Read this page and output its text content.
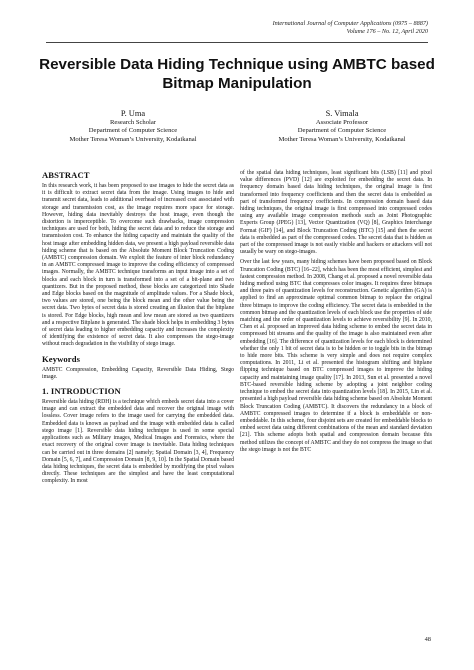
International Journal of Computer Applications (0975 – 8887)
Volume 176 – No. 12, April 2020
Reversible Data Hiding Technique using AMBTC based
Bitmap Manipulation
P. Uma
Research Scholar
Department of Computer Science
Mother Teresa Woman’s University, Kodaikanal
S. Vimala
Associate Professor
Department of Computer Science
Mother Teresa Woman’s University, Kodaikanal
ABSTRACT

In this research work, it has been proposed to use images to hide the secret data as it is difficult to extract secret data from the image. Using images to hide and transmit secret data, leads to additional overhead of increased cost associated with storage and transmission cost, as the image requires more space for storage. However, hiding data inevitably destroys the host image, even though the distortion is imperceptible. To overcome such drawbacks, image compression techniques are used for both, hiding the secret data and to reduce the storage and transmission cost. To enhance the hiding capacity and maintain the quality of the host image after embedding hidden data, we present a high payload reversible data hiding scheme that is based on the Absolute Moment Block Truncation Coding (AMBTC) compression domain. We exploit the feature of inter block redundancy in an AMBTC compressed image to improve the coding efficiency of compressed images. Normally, the AMBTC technique transforms an input image into a set of blocks and each block in turn is transformed into a set of a bit-plane and two quantizers. But in the proposed method, these blocks are categorized into Shade and Edge blocks based on the magnitude of amplitude values. For a Shade block, two values are stored, one being the block mean and the other value being the secret data. Two bytes of secret data is stored creating an illusion that the bitplane is stored. For Edge blocks, high mean and low mean are stored as two quantizers and a respective Bitplane is generated. The shade block helps in embedding 3 bytes of secret data leading to higher embedding capacity and increases the complexity of identifying the existence of secret data. It also compresses the stego-image without much degradation in the visibility of stego image.

Keywords

AMBTC Compression, Embedding Capacity, Reversible Data Hiding, Stego image.

1. INTRODUCTION

Reversible data hiding (RDH) is a technique which embeds secret data into a cover image and can extract the embedded data and recover the original image with lossless. Cover image refers to the image used for carrying the embedded data. Embedded data is known as payload and the image with embedded data is called stego image [1]. Reversible data hiding technique is used in some special applications such as Military images, Medical Images and Forensics, where the exact recovery of the original cover image is inevitable. Data hiding techniques can be carried out in three domains [2] namely; Spatial Domain [3, 4], Frequency Domain [5, 6, 7], and Compression Domain [8, 9, 10]. In the Spatial Domain based data hiding techniques, the secret data is embedded by modifying the pixel values directly. These techniques are the simplest and have the least computational complexity. In most

of the spatial data hiding techniques, least significant bits (LSB) [11] and pixel value differences (PVD) [12] are exploited for embedding the secret data. In frequency domain based data hiding techniques, the original image is first transformed into frequency coefficients and then the secret data is embedded as part of transformed frequency coefficients. In compression domain based data hiding techniques, the original image is first compressed into compressed codes using any available image compression methods such as Joint Photographic Experts Group (JPEG) [13], Vector Quantization (VQ) [8], Graphics Interchange Format (GIF) [14], and Block Truncation Coding (BTC) [15] and then the secret data is embedded as part of the compressed codes. The secret data that is hidden as part of the compressed image is not easily visible and hackers or attackers will not usually be wary on stego-images.

Over the last few years, many hiding schemes have been proposed based on Block Truncation Coding (BTC) [16–22], which has been the most efficient, simplest and fastest compression method. In 2008, Chang et al. proposed a novel reversible data hiding method using BTC that compresses color images. It requires three bitmaps and three pairs of quantization levels for reconstruction. Genetic algorithm (GA) is applied to find an approximate optimal common bitmap to replace the original three bitmaps to improve the coding efficiency. The secret data is embedded in the common bitmap and the quantization levels of each block use the properties of side matching and the order of quantization levels to achieve reversibility [9]. In 2010, Chen et al. proposed an improved data hiding scheme to embed the secret data in compressed bit streams and the quality of the image is also maintained even after embedding [16]. The difference of quantization levels for each block is determined whether the only 1 bit of secret data is to be hidden or to toggle bits in the bitmap to hide more bits. This scheme is very simple and does not require complex computations. In 2011, Li et al. presented the histogram shifting and bitplane flipping technique based on BTC compressed images to improve the hiding capacity and maintaining image quality [17]. In 2013, Sun et al. presented a novel BTC-based reversible hiding scheme by adopting a joint neighbor coding technique to embed the secret data into quantization levels [18]. In 2015, Lin et al. presented a high payload reversible data hiding scheme based on Absolute Moment Block Truncation Coding (AMBTC). It discovers the redundancy in a block of AMBTC compressed images to determine if a block is embeddable or non-embeddable. In this scheme, four disjoint sets are created for embeddable blocks to embed secret data using different combinations of the mean and standard deviation [21]. This scheme adopts both spatial and compression domain because this method utilizes the concept of AMBTC and they do not compress the image so that the stego image is not the BTC

48
